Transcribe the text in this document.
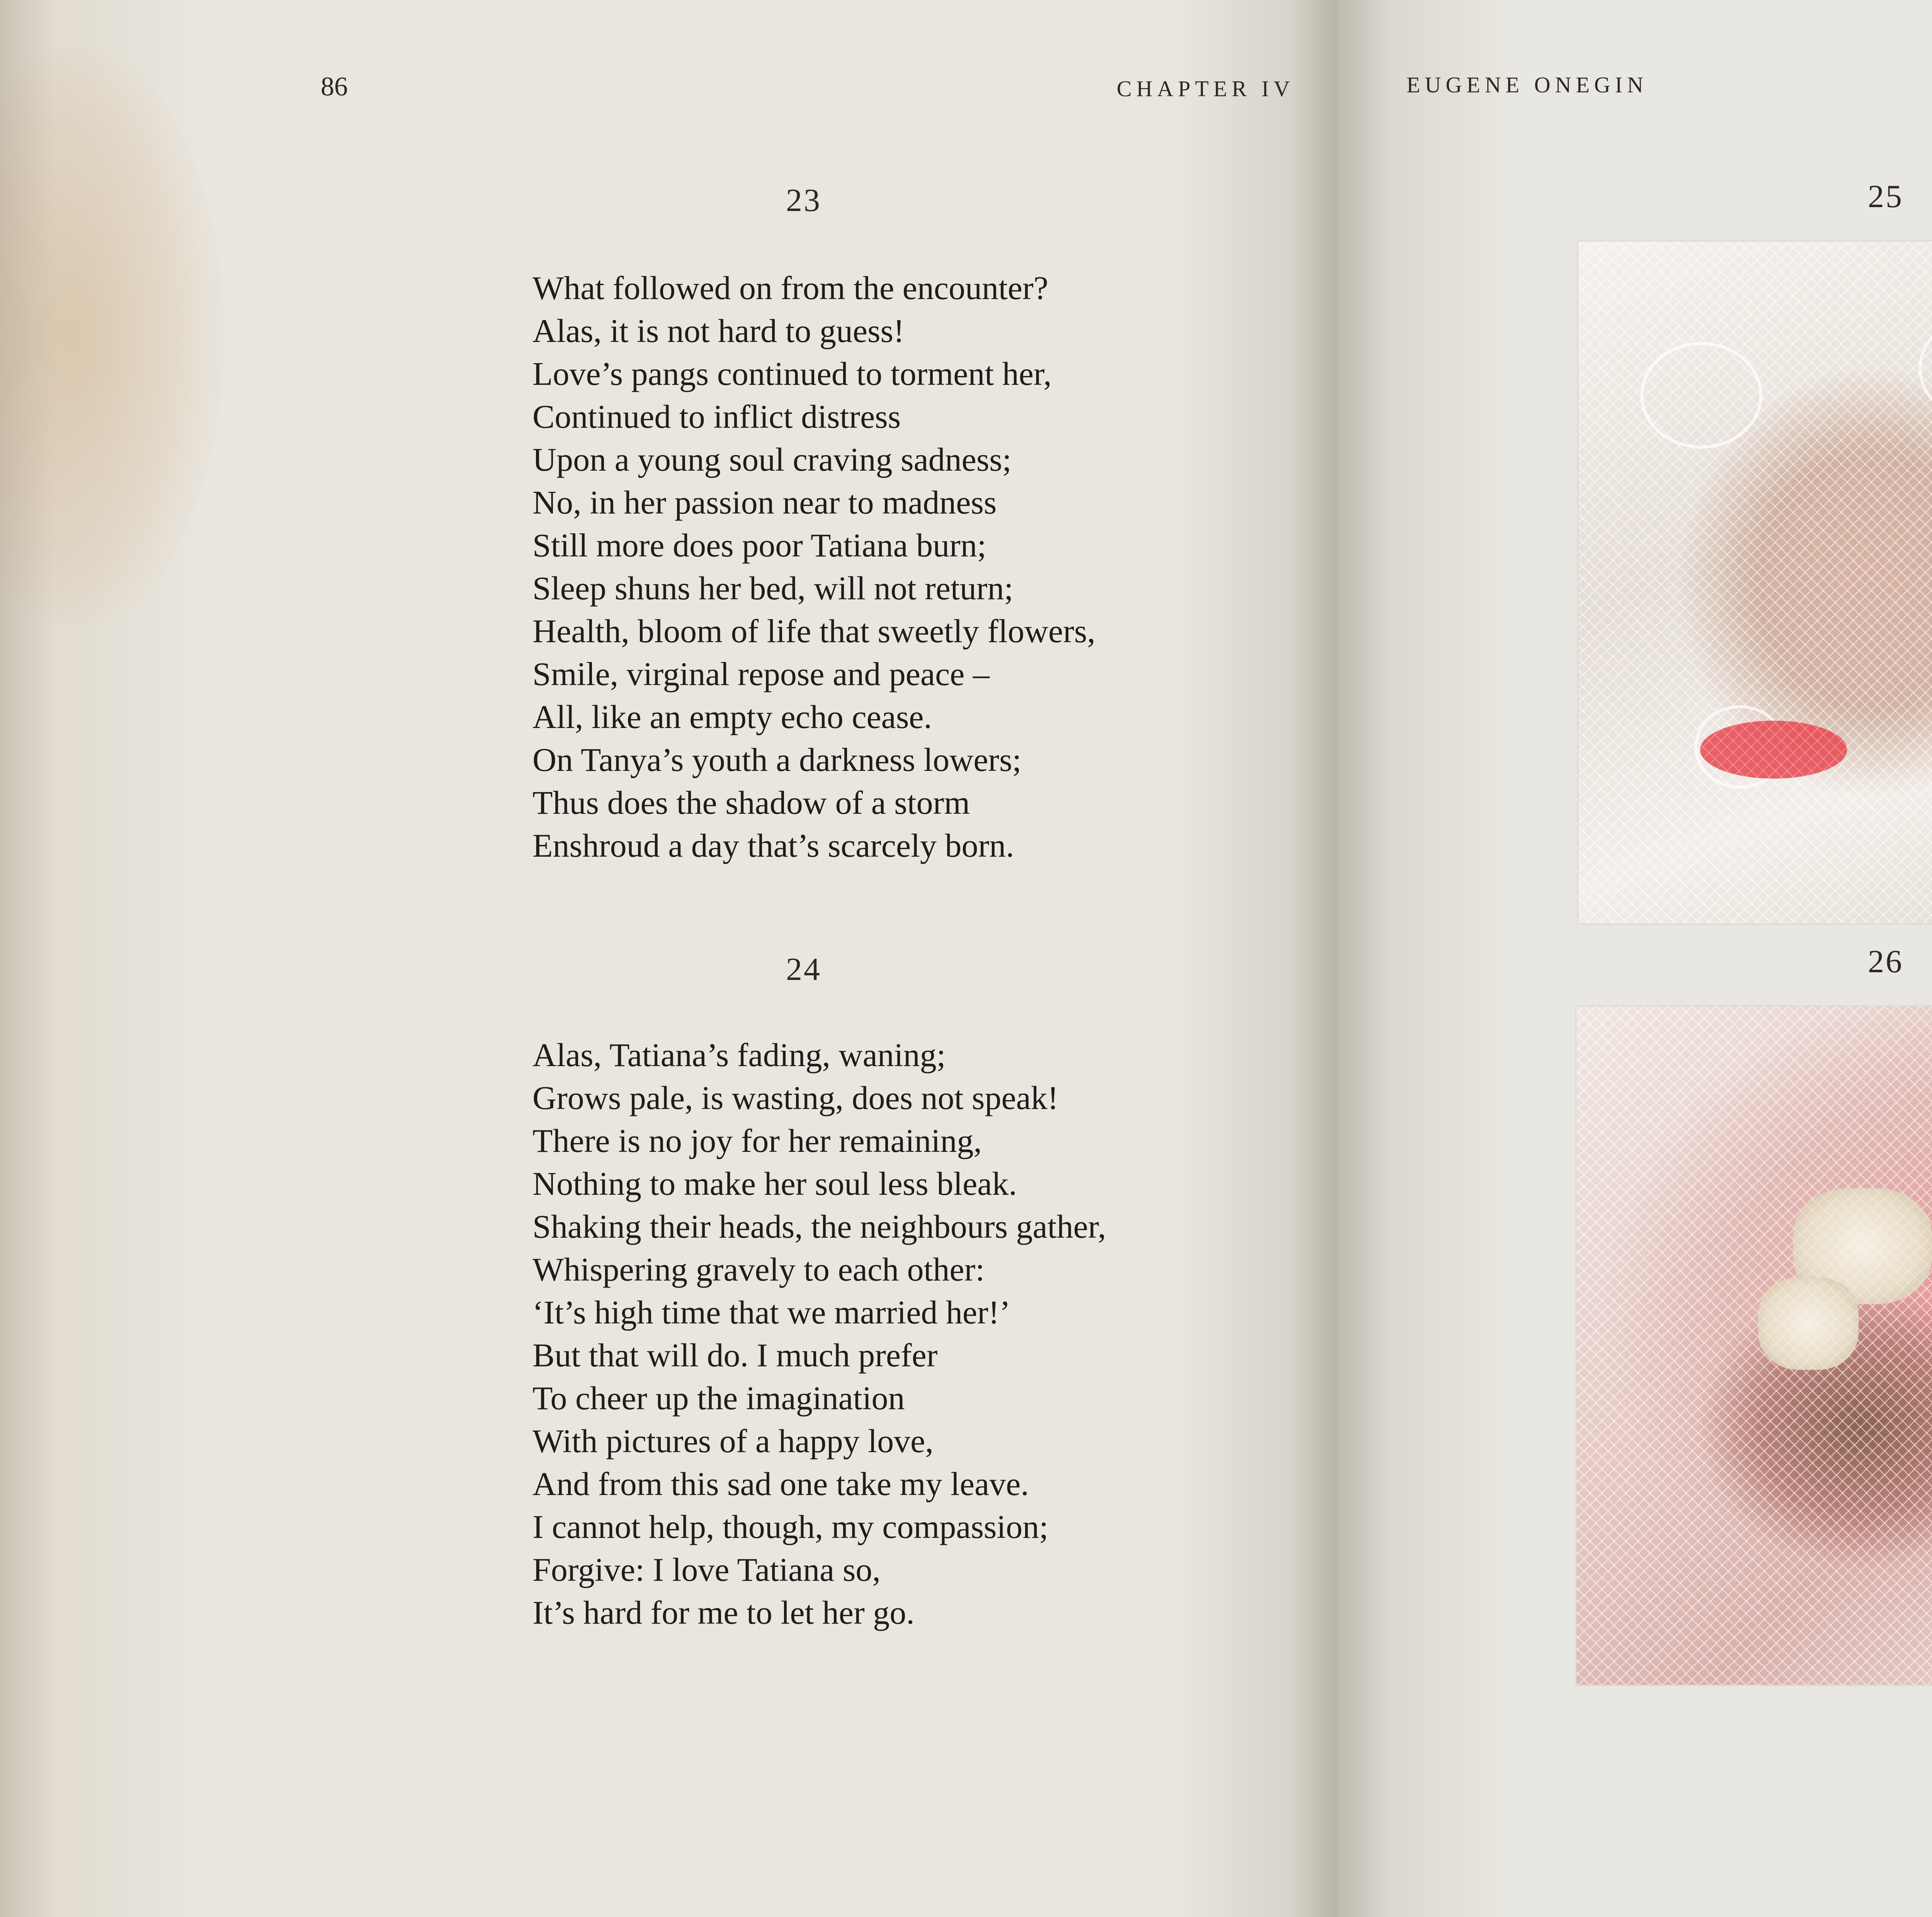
86	CHAPTER IV
23
What followed on from the encounter?
Alas, it is not hard to guess!
Love’s pangs continued to torment her,
Continued to inflict distress
Upon a young soul craving sadness;
No, in her passion near to madness
Still more does poor Tatiana burn;
Sleep shuns her bed, will not return;
Health, bloom of life that sweetly flowers,
Smile, virginal repose and peace –
All, like an empty echo cease.
On Tanya’s youth a darkness lowers;
Thus does the shadow of a storm
Enshroud a day that’s scarcely born.
24
Alas, Tatiana’s fading, waning;
Grows pale, is wasting, does not speak!
There is no joy for her remaining,
Nothing to make her soul less bleak.
Shaking their heads, the neighbours gather,
Whispering gravely to each other:
‘It’s high time that we married her!’
But that will do. I much prefer
To cheer up the imagination
With pictures of a happy love,
And from this sad one take my leave.
I cannot help, though, my compassion;
Forgive: I love Tatiana so,
It’s hard for me to let her go.
EUGENE ONEGIN
25
26
